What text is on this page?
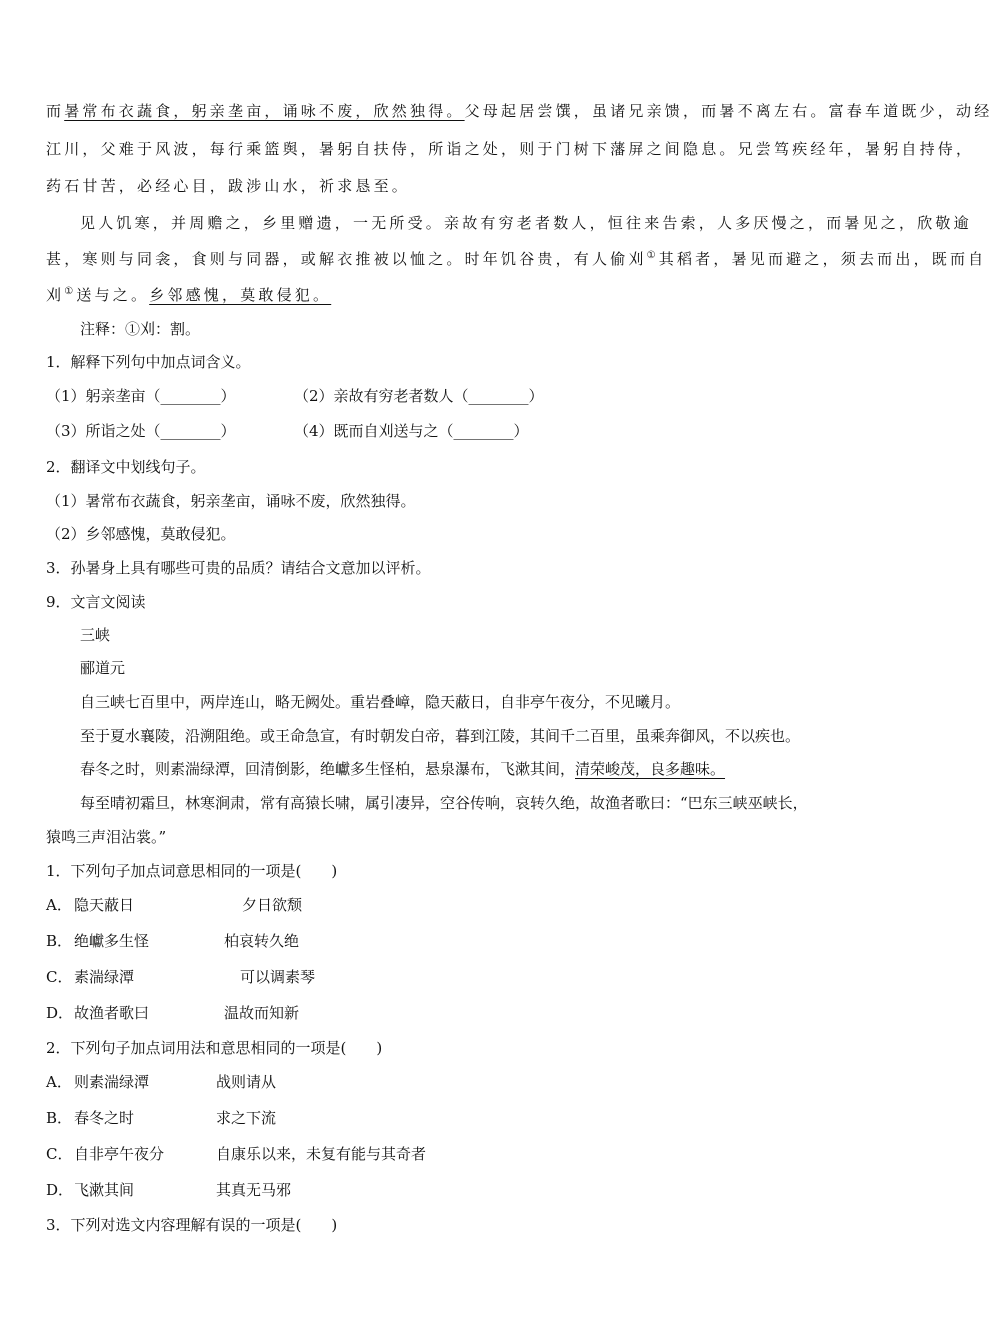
而暑常布衣蔬食，躬亲垄亩，诵咏不废，欣然独得。父母起居尝馔，虽诸兄亲馈，而暑不离左右。富春车道既少，动经
江川，父难于风波，每行乘篮舆，暑躬自扶侍，所诣之处，则于门树下藩屏之间隐息。兄尝笃疾经年，暑躬自持侍，
药石甘苦，必经心目，跋涉山水，祈求恳至。
见人饥寒，并周赡之，乡里赠遗，一无所受。亲故有穷老者数人，恒往来告索，人多厌慢之，而暑见之，欣敬逾
甚，寒则与同衾，食则与同器，或解衣推被以恤之。时年饥谷贵，有人偷刈①其稻者，暑见而避之，须去而出，既而自
刈①送与之。乡邻感愧，莫敢侵犯。
注释：①刈：割。
1．解释下列句中加点词含义。
（1）躬亲垄亩（________）	（2）亲故有穷老者数人（________）
（3）所诣之处（________）	（4）既而自刈送与之（________）
2．翻译文中划线句子。
（1）暑常布衣蔬食，躬亲垄亩，诵咏不废，欣然独得。
（2）乡邻感愧，莫敢侵犯。
3．孙暑身上具有哪些可贵的品质？请结合文意加以评析。
9．文言文阅读
三峡
郦道元
自三峡七百里中，两岸连山，略无阙处。重岩叠嶂，隐天蔽日，自非亭午夜分，不见曦月。
至于夏水襄陵，沿溯阻绝。或王命急宣，有时朝发白帝，暮到江陵，其间千二百里，虽乘奔御风，不以疾也。
春冬之时，则素湍绿潭，回清倒影，绝巘多生怪柏，悬泉瀑布，飞漱其间，清荣峻茂，良多趣味。
每至晴初霜旦，林寒涧肃，常有高猿长啸，属引凄异，空谷传响，哀转久绝，故渔者歌曰：“巴东三峡巫峡长，
猿鸣三声泪沾裳。”
1．下列句子加点词意思相同的一项是(　　)
A． 隐天蔽日	夕日欲颓
B． 绝巘多生怪	柏哀转久绝
C． 素湍绿潭	可以调素琴
D．故渔者歌曰	温故而知新
2．下列句子加点词用法和意思相同的一项是(　　)
A． 则素湍绿潭	战则请从
B． 春冬之时	求之下流
C． 自非亭午夜分	自康乐以来，未复有能与其奇者
D．飞漱其间	其真无马邪
3．下列对选文内容理解有误的一项是(　　)
